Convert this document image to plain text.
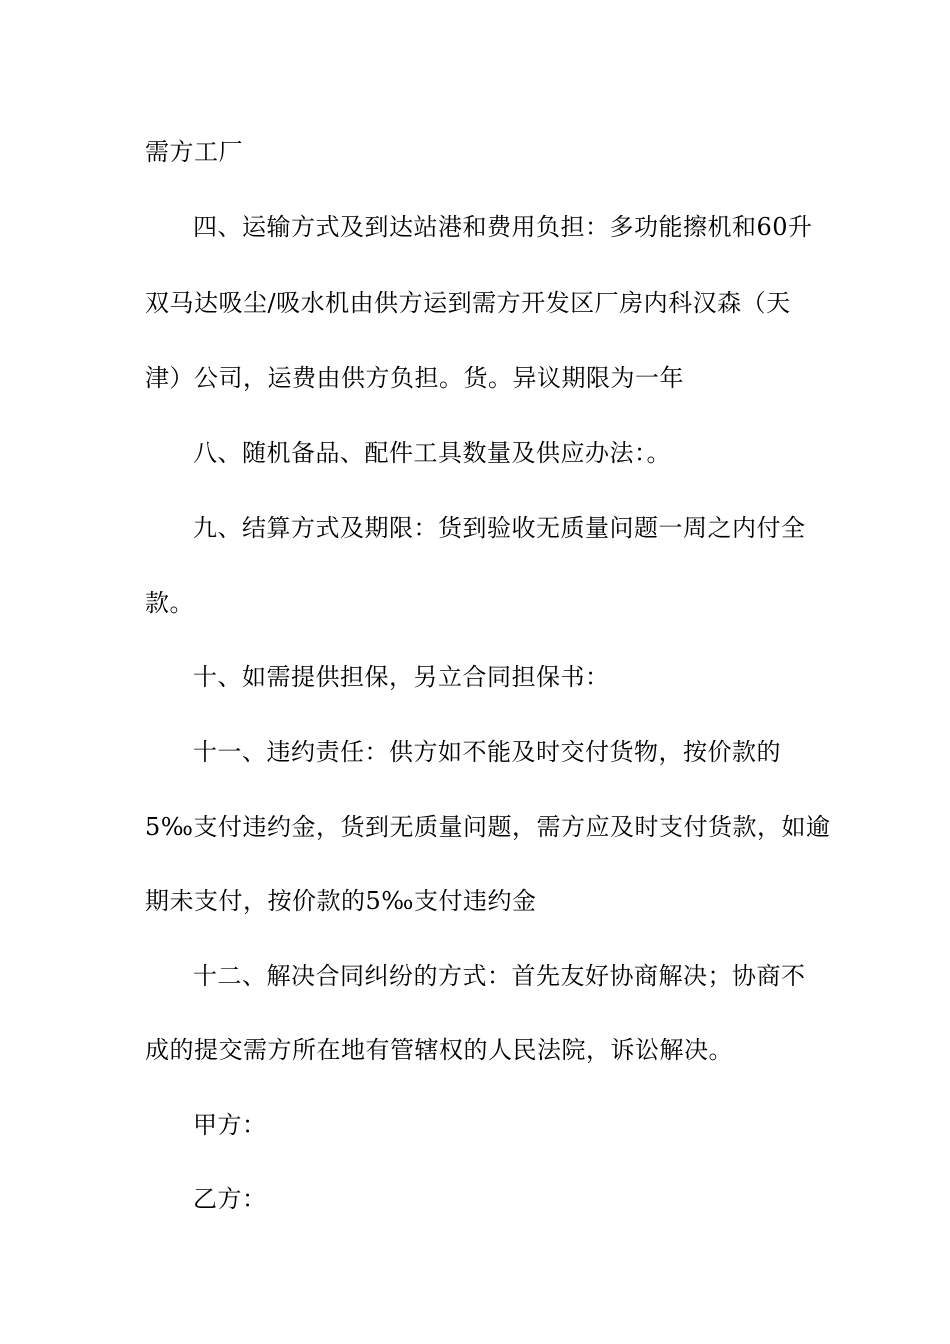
需方工厂
四、运输方式及到达站港和费用负担：多功能擦机和60升
双马达吸尘/吸水机由供方运到需方开发区厂房内科汉森（天
津）公司，运费由供方负担。货。异议期限为一年
八、随机备品、配件工具数量及供应办法：。
九、结算方式及期限：货到验收无质量问题一周之内付全
款。
十、如需提供担保，另立合同担保书：
十一、违约责任：供方如不能及时交付货物，按价款的
5‰支付违约金，货到无质量问题，需方应及时支付货款，如逾
期未支付，按价款的5‰支付违约金
十二、解决合同纠纷的方式：首先友好协商解决；协商不
成的提交需方所在地有管辖权的人民法院，诉讼解决。
甲方：
乙方：
